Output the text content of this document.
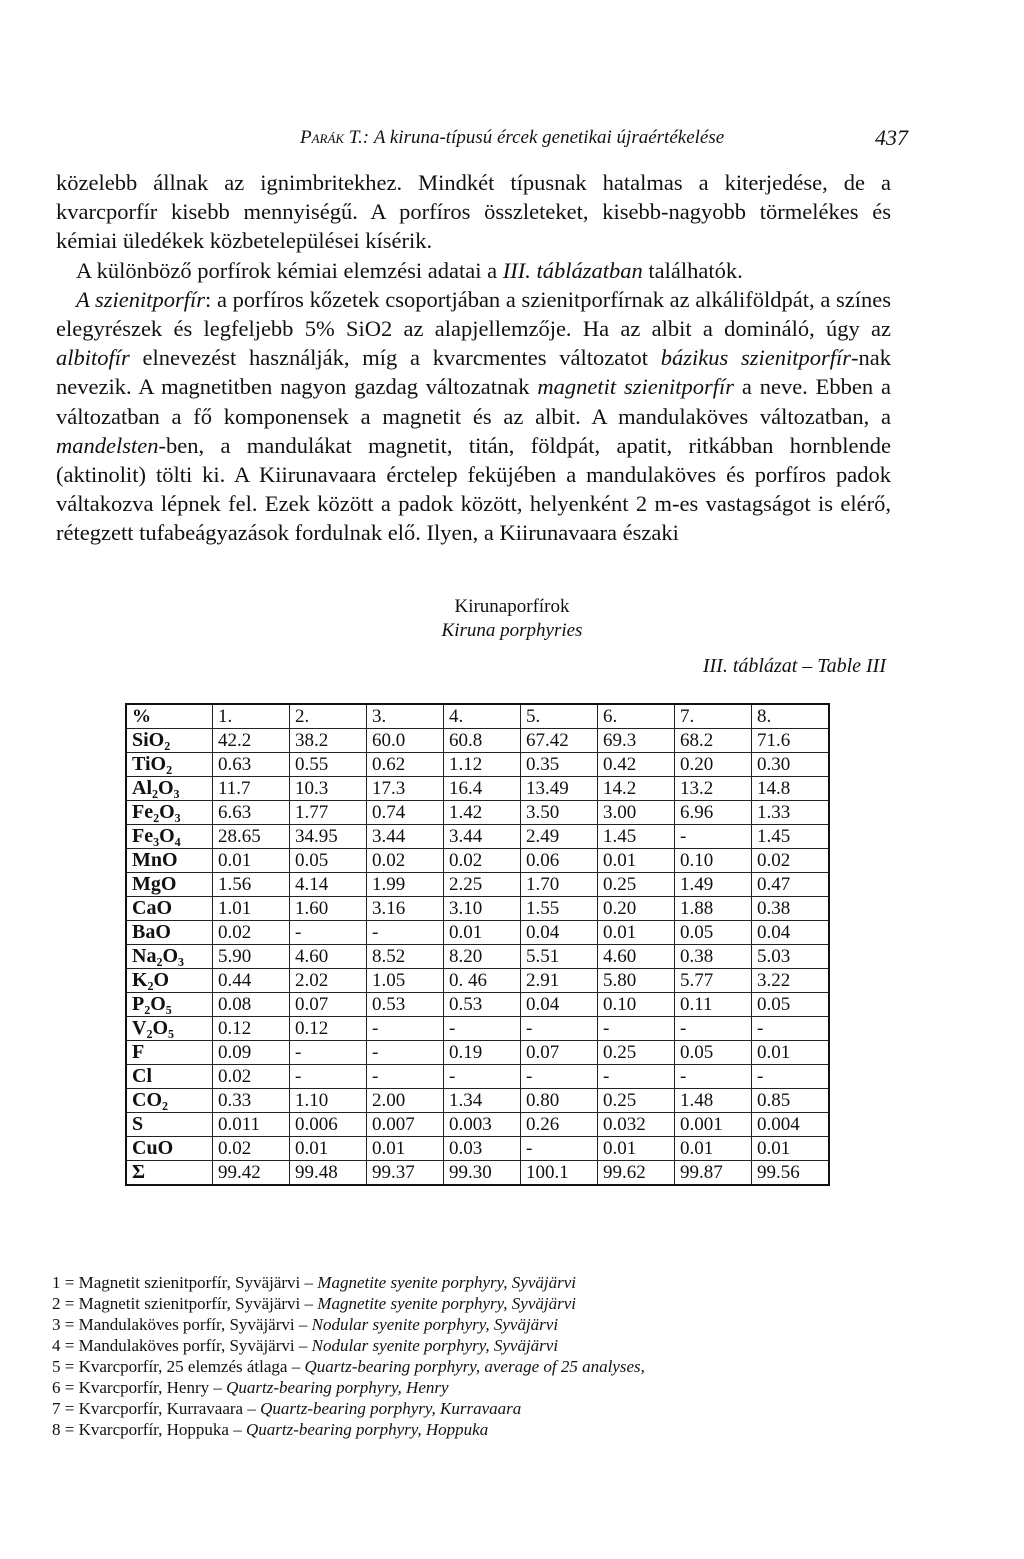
Parák T.: A kiruna-típusú ércek genetikai újraértékelése	437

közelebb állnak az ignimbritekhez. Mindkét típusnak hatalmas a kiterjedése, de a kvarcporfír kisebb mennyiségű. A porfíros összleteket, kisebb-nagyobb törmelékes és kémiai üledékek közbetelepülései kísérik.

A különböző porfírok kémiai elemzési adatai a III. táblázatban találhatók.

A szienitporfír: a porfíros kőzetek csoportjában a szienitporfírnak az alkáliföldpát, a színes elegyrészek és legfeljebb 5% SiO2 az alapjellemzője. Ha az albit a domináló, úgy az albitofír elnevezést használják, míg a kvarcmentes változatot bázikus szienitporfír-nak nevezik. A magnetitben nagyon gazdag változatnak magnetit szienitporfír a neve. Ebben a változatban a fő komponensek a magnetit és az albit. A mandulaköves változatban, a mandelsten-ben, a mandulákat magnetit, titán, földpát, apatit, ritkábban hornblende (aktinolit) tölti ki. A Kiirunavaara érctelep feküjében a mandulaköves és porfíros padok váltakozva lépnek fel. Ezek között a padok között, helyenként 2 m-es vastagságot is elérő, rétegzett tufabeágyazások fordulnak elő. Ilyen, a Kiirunavaara északi

Kirunaporfírok
Kiruna porphyries
III. táblázat – Table III
%	1.	2.	3.	4.	5.	6.	7.	8.
SiO₂	42.2	38.2	60.0	60.8	67.42	69.3	68.2	71.6
TiO₂	0.63	0.55	0.62	1.12	0.35	0.42	0.20	0.30
Al₂O₃	11.7	10.3	17.3	16.4	13.49	14.2	13.2	14.8
Fe₂O₃	6.63	1.77	0.74	1.42	3.50	3.00	6.96	1.33
Fe₃O₄	28.65	34.95	3.44	3.44	2.49	1.45	-	1.45
MnO	0.01	0.05	0.02	0.02	0.06	0.01	0.10	0.02
MgO	1.56	4.14	1.99	2.25	1.70	0.25	1.49	0.47
CaO	1.01	1.60	3.16	3.10	1.55	0.20	1.88	0.38
BaO	0.02	-	-	0.01	0.04	0.01	0.05	0.04
Na₂O₃	5.90	4.60	8.52	8.20	5.51	4.60	0.38	5.03
K₂O	0.44	2.02	1.05	0. 46	2.91	5.80	5.77	3.22
P₂O₅	0.08	0.07	0.53	0.53	0.04	0.10	0.11	0.05
V₂O₅	0.12	0.12	-	-	-	-	-	-
F	0.09	-	-	0.19	0.07	0.25	0.05	0.01
Cl	0.02	-	-	-	-	-	-	-
CO₂	0.33	1.10	2.00	1.34	0.80	0.25	1.48	0.85
S	0.011	0.006	0.007	0.003	0.26	0.032	0.001	0.004
CuO	0.02	0.01	0.01	0.03	-	0.01	0.01	0.01
Σ	99.42	99.48	99.37	99.30	100.1	99.62	99.87	99.56
1 = Magnetit szienitporfír, Syväjärvi – Magnetite syenite porphyry, Syväjärvi
2 = Magnetit szienitporfír, Syväjärvi – Magnetite syenite porphyry, Syväjärvi
3 = Mandulaköves porfír, Syväjärvi – Nodular syenite porphyry, Syväjärvi
4 = Mandulaköves porfír, Syväjärvi – Nodular syenite porphyry, Syväjärvi
5 = Kvarcporfír, 25 elemzés átlaga – Quartz-bearing porphyry, average of 25 analyses,
6 = Kvarcporfír, Henry – Quartz-bearing porphyry, Henry
7 = Kvarcporfír, Kurravaara – Quartz-bearing porphyry, Kurravaara
8 = Kvarcporfír, Hoppuka – Quartz-bearing porphyry, Hoppuka
